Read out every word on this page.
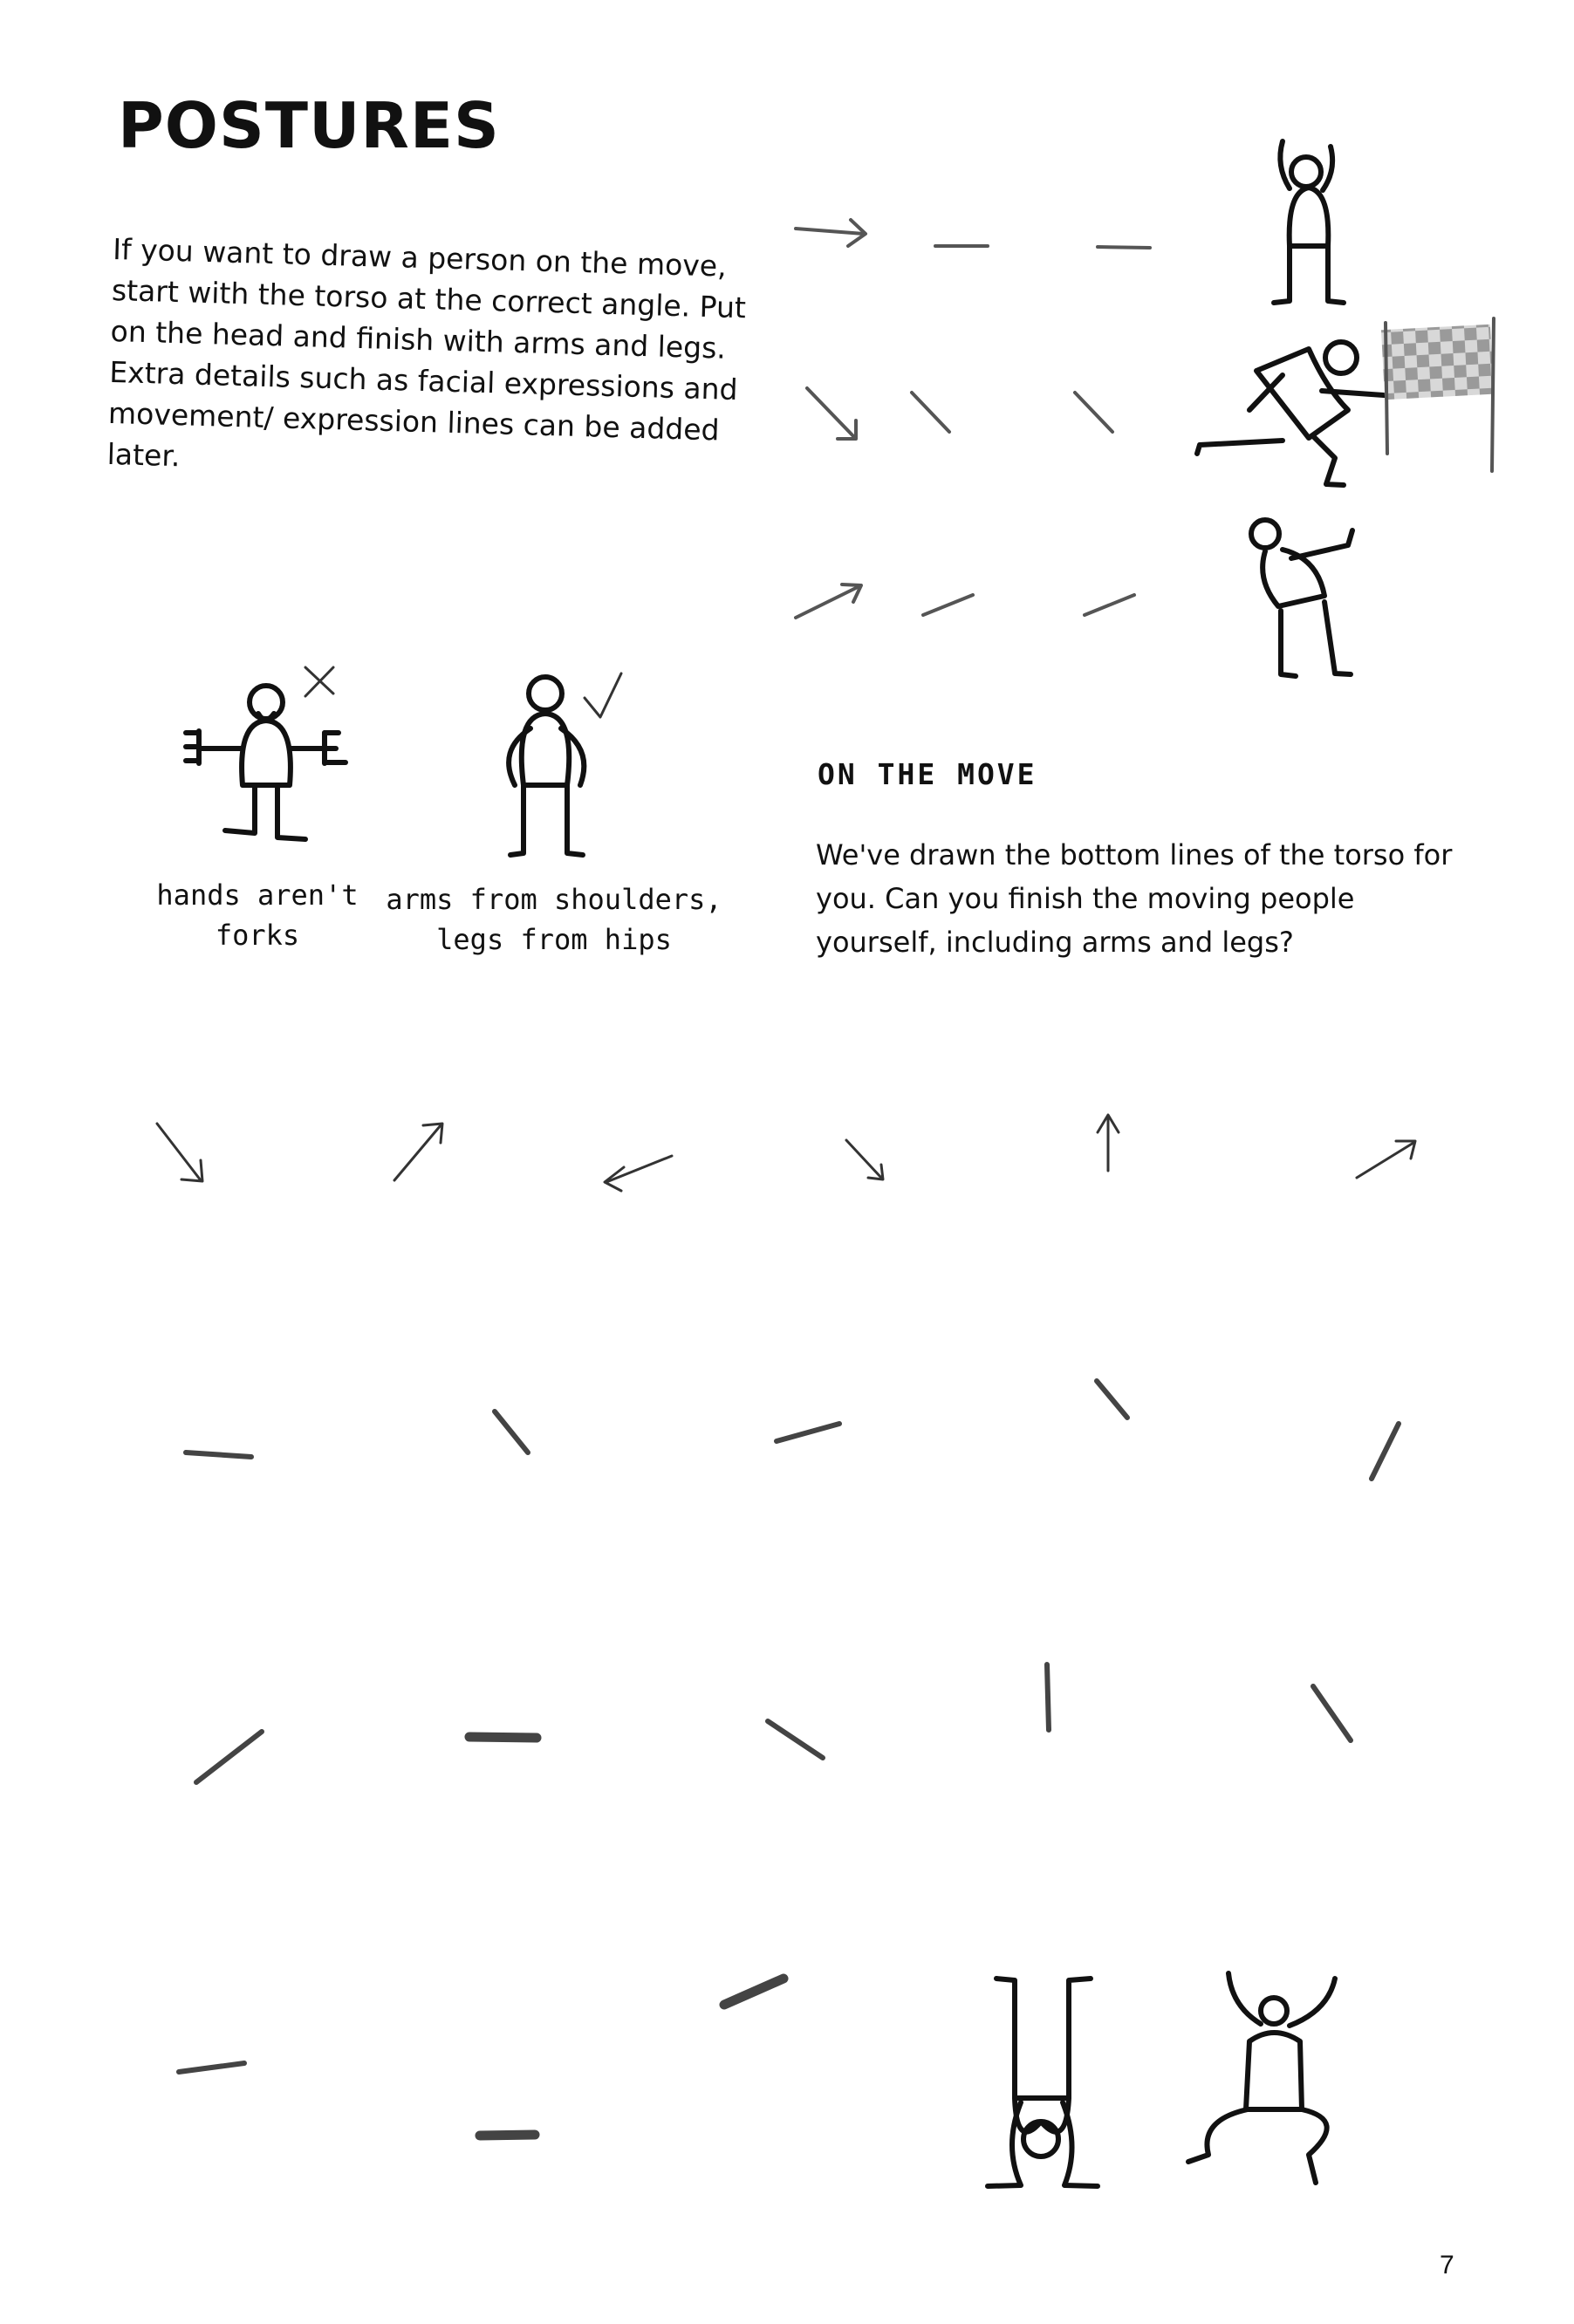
POSTURES

If you want to draw a person on the move, start with the torso at the correct angle. Put on the head and finish with arms and legs. Extra details such as facial expressions and movement/ expression lines can be added later.

hands aren't forks

arms from shoulders, legs from hips

ON THE MOVE

We've drawn the bottom lines of the torso for you. Can you finish the moving people yourself, including arms and legs?

7
